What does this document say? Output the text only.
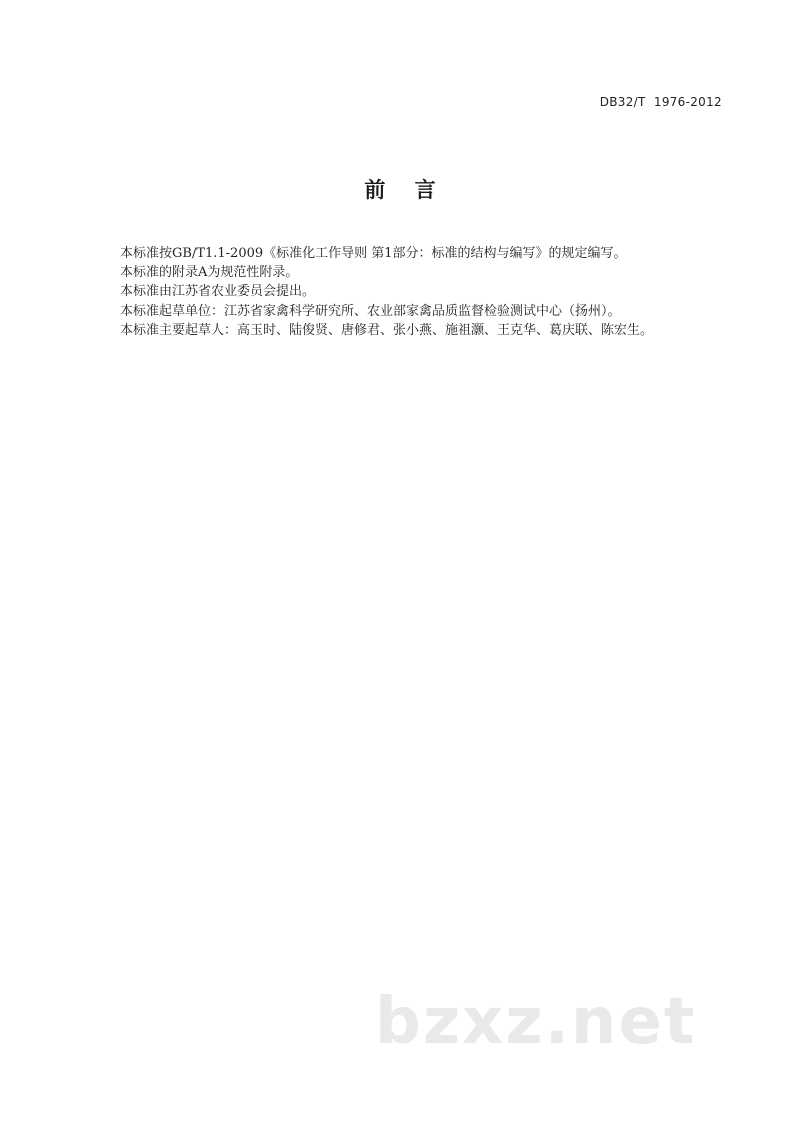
DB32/T  1976-2012
前    言

本标准按GB/T1.1-2009《标准化工作导则 第1部分：标准的结构与编写》的规定编写。

本标准的附录A为规范性附录。

本标准由江苏省农业委员会提出。

本标准起草单位：江苏省家禽科学研究所、农业部家禽品质监督检验测试中心（扬州）。

本标准主要起草人：高玉时、陆俊贤、唐修君、张小燕、施祖灏、王克华、葛庆联、陈宏生。

bzxz.net
